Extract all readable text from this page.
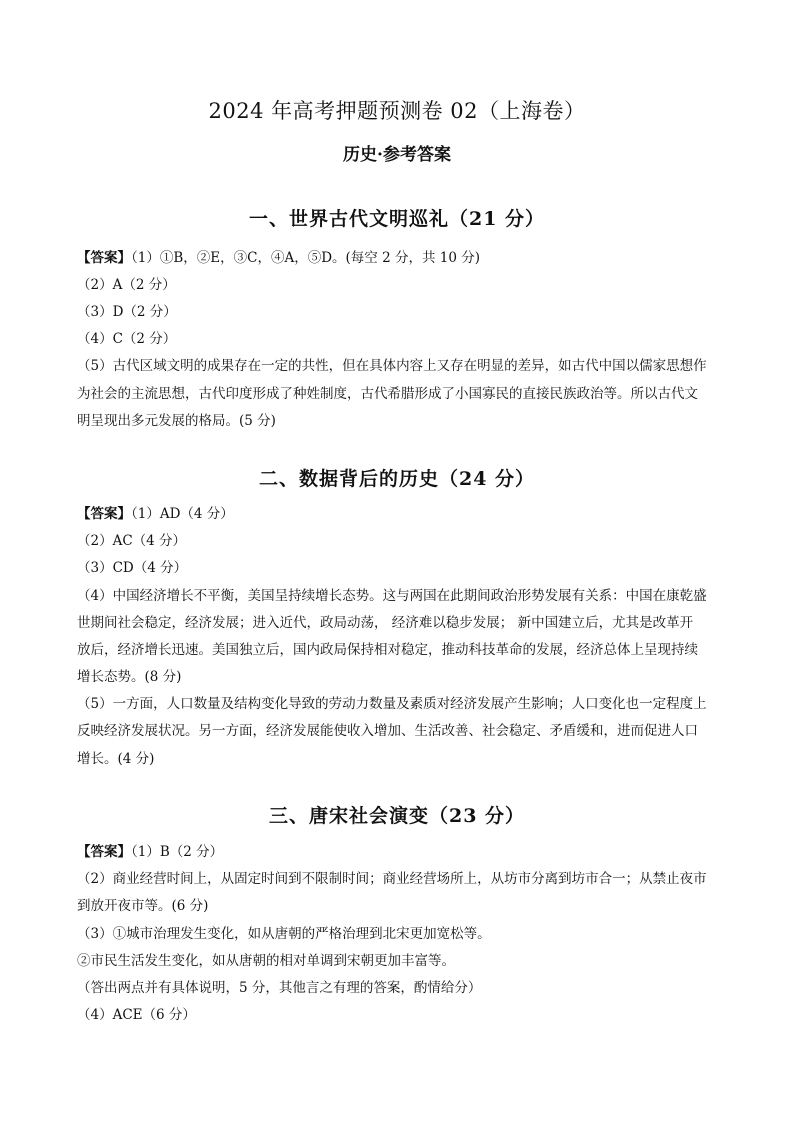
2024 年高考押题预测卷 02（上海卷）
历史·参考答案
一、世界古代文明巡礼（21 分）
【答案】（1）①B，②E，③C，④A，⑤D。(每空 2 分，共 10 分)
（2）A（2 分）
（3）D（2 分）
（4）C（2 分）
（5）古代区域文明的成果存在一定的共性，但在具体内容上又存在明显的差异，如古代中国以儒家思想作
为社会的主流思想，古代印度形成了种姓制度，古代希腊形成了小国寡民的直接民族政治等。所以古代文
明呈现出多元发展的格局。(5 分)
二、数据背后的历史（24 分）
【答案】（1）AD（4 分）
（2）AC（4 分）
（3）CD（4 分）
（4）中国经济增长不平衡，美国呈持续增长态势。这与两国在此期间政治形势发展有关系：中国在康乾盛
世期间社会稳定，经济发展；进入近代，政局动荡， 经济难以稳步发展； 新中国建立后，尤其是改革开
放后，经济增长迅速。美国独立后，国内政局保持相对稳定，推动科技革命的发展，经济总体上呈现持续
增长态势。(8 分)
（5）一方面，人口数量及结构变化导致的劳动力数量及素质对经济发展产生影响；人口变化也一定程度上
反映经济发展状况。另一方面，经济发展能使收入增加、生活改善、社会稳定、矛盾缓和，进而促进人口
增长。(4 分)
三、唐宋社会演变（23 分）
【答案】（1）B（2 分）
（2）商业经营时间上，从固定时间到不限制时间；商业经营场所上，从坊市分离到坊市合一；从禁止夜市
到放开夜市等。(6 分)
（3）①城市治理发生变化，如从唐朝的严格治理到北宋更加宽松等。
②市民生活发生变化，如从唐朝的相对单调到宋朝更加丰富等。
（答出两点并有具体说明，5 分，其他言之有理的答案，酌情给分）
（4）ACE（6 分）
